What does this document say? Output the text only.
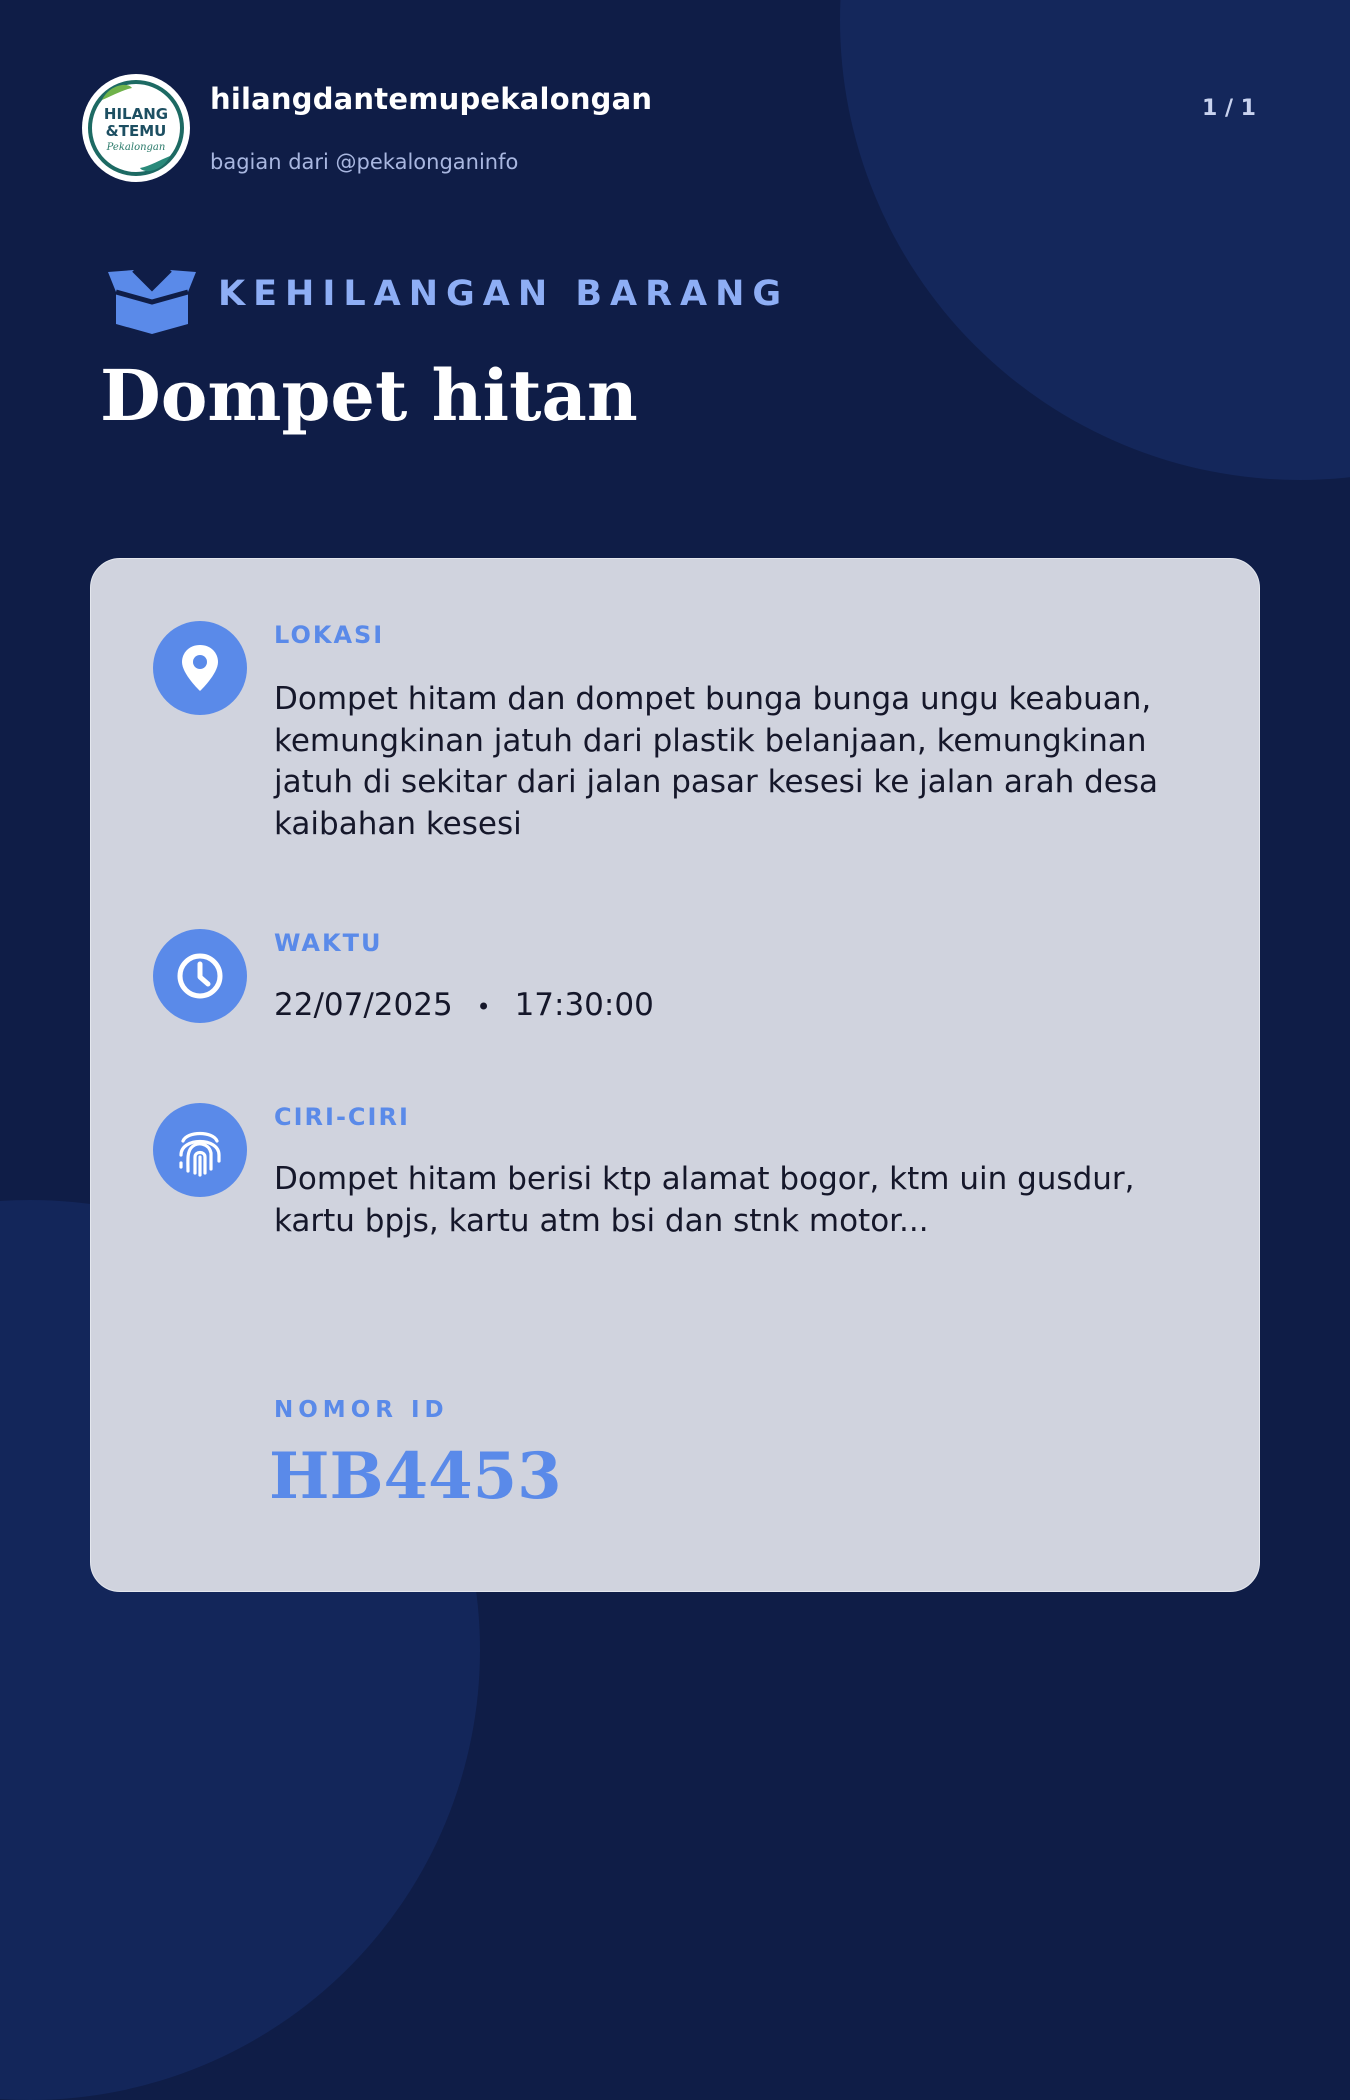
HILANG
&TEMU
Pekalongan
hilangdantemupekalongan
bagian dari @pekalonganinfo
1 / 1
KEHILANGAN BARANG
Dompet hitan
LOKASI
Dompet hitam dan dompet bunga bunga ungu keabuan, kemungkinan jatuh dari plastik belanjaan, kemungkinan jatuh di sekitar dari jalan pasar kesesi ke jalan arah desa kaibahan kesesi
WAKTU
22/07/2025 • 17:30:00
CIRI-CIRI
Dompet hitam berisi ktp alamat bogor, ktm uin gusdur, kartu bpjs, kartu atm bsi dan stnk motor...
NOMOR ID
HB4453
